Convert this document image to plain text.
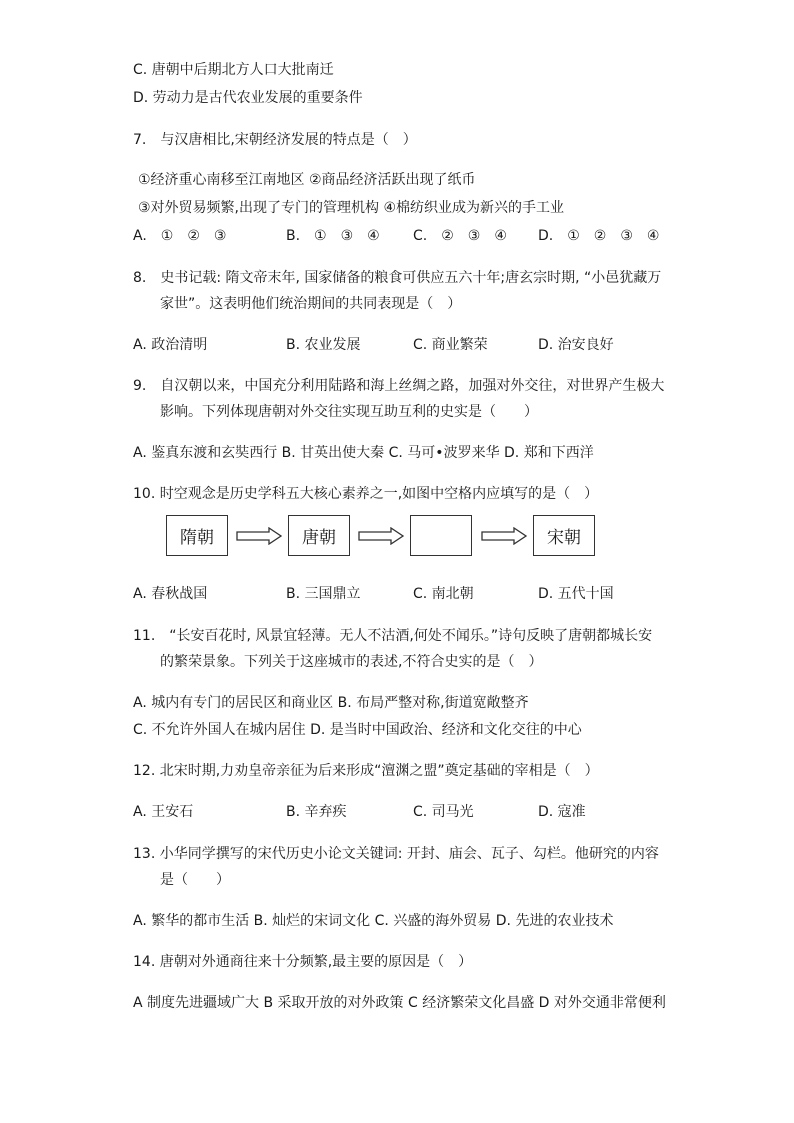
C. 唐朝中后期北方人口大批南迁
D. 劳动力是古代农业发展的重要条件
7.　与汉唐相比,宋朝经济发展的特点是（　）
①经济重心南移至江南地区 ②商品经济活跃出现了纸币
③对外贸易频繁,出现了专门的管理机构 ④棉纺织业成为新兴的手工业
A.　①　②　③	B.　①　③　④ C.　②　③　④ D.　①　②　③　④
8.　史书记载: 隋文帝末年, 国家储备的粮食可供应五六十年;唐玄宗时期, “小邑犹藏万
家世”。这表明他们统治期间的共同表现是（　）
A. 政治清明	B. 农业发展	C. 商业繁荣	D. 治安良好
9.　自汉朝以来，中国充分利用陆路和海上丝绸之路，加强对外交往，对世界产生极大
影响。下列体现唐朝对外交往实现互助互利的史实是（　　）
A. 鉴真东渡和玄奘西行 B. 甘英出使大秦 C. 马可•波罗来华 D. 郑和下西洋
10. 时空观念是历史学科五大核心素养之一,如图中空格内应填写的是（　）
隋朝	唐朝	宋朝
A. 春秋战国	B. 三国鼎立	C. 南北朝	D. 五代十国
11.　“长安百花时, 风景宜轻薄。无人不沽酒,何处不闻乐。”诗句反映了唐朝都城长安
的繁荣景象。下列关于这座城市的表述,不符合史实的是（　）
A. 城内有专门的居民区和商业区 B. 布局严整对称,街道宽敞整齐
C. 不允许外国人在城内居住 D. 是当时中国政治、经济和文化交往的中心
12. 北宋时期,力劝皇帝亲征为后来形成“澶渊之盟”奠定基础的宰相是（　）
A. 王安石	B. 辛弃疾	C. 司马光	D. 寇准
13. 小华同学撰写的宋代历史小论文关键词: 开封、庙会、瓦子、勾栏。他研究的内容
是（　　）
A. 繁华的都市生活 B. 灿烂的宋词文化 C. 兴盛的海外贸易 D. 先进的农业技术
14. 唐朝对外通商往来十分频繁,最主要的原因是（　）
A 制度先进疆域广大 B 采取开放的对外政策 C 经济繁荣文化昌盛 D 对外交通非常便利
